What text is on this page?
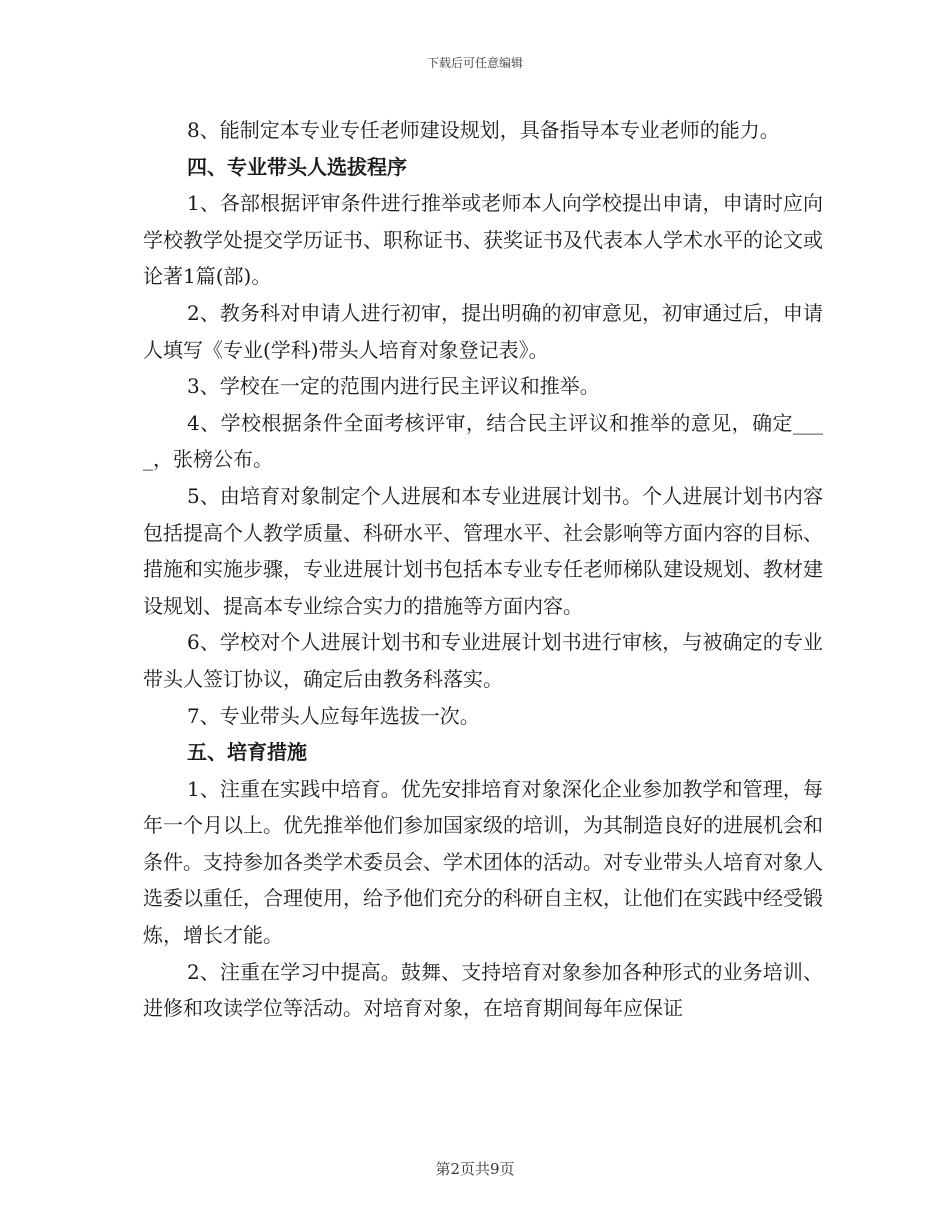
下载后可任意编辑

8、能制定本专业专任老师建设规划，具备指导本专业老师的能力。

四、专业带头人选拔程序

1、各部根据评审条件进行推举或老师本人向学校提出申请，申请时应向学校教学处提交学历证书、职称证书、获奖证书及代表本人学术水平的论文或论著1篇(部)。

2、教务科对申请人进行初审，提出明确的初审意见，初审通过后，申请人填写《专业(学科)带头人培育对象登记表》。

3、学校在一定的范围内进行民主评议和推举。

4、学校根据条件全面考核评审，结合民主评议和推举的意见，确定____，张榜公布。

5、由培育对象制定个人进展和本专业进展计划书。个人进展计划书内容包括提高个人教学质量、科研水平、管理水平、社会影响等方面内容的目标、措施和实施步骤，专业进展计划书包括本专业专任老师梯队建设规划、教材建设规划、提高本专业综合实力的措施等方面内容。

6、学校对个人进展计划书和专业进展计划书进行审核，与被确定的专业带头人签订协议，确定后由教务科落实。

7、专业带头人应每年选拔一次。

五、培育措施

1、注重在实践中培育。优先安排培育对象深化企业参加教学和管理，每年一个月以上。优先推举他们参加国家级的培训，为其制造良好的进展机会和条件。支持参加各类学术委员会、学术团体的活动。对专业带头人培育对象人选委以重任，合理使用，给予他们充分的科研自主权，让他们在实践中经受锻炼，增长才能。

2、注重在学习中提高。鼓舞、支持培育对象参加各种形式的业务培训、进修和攻读学位等活动。对培育对象，在培育期间每年应保证

第2页共9页
